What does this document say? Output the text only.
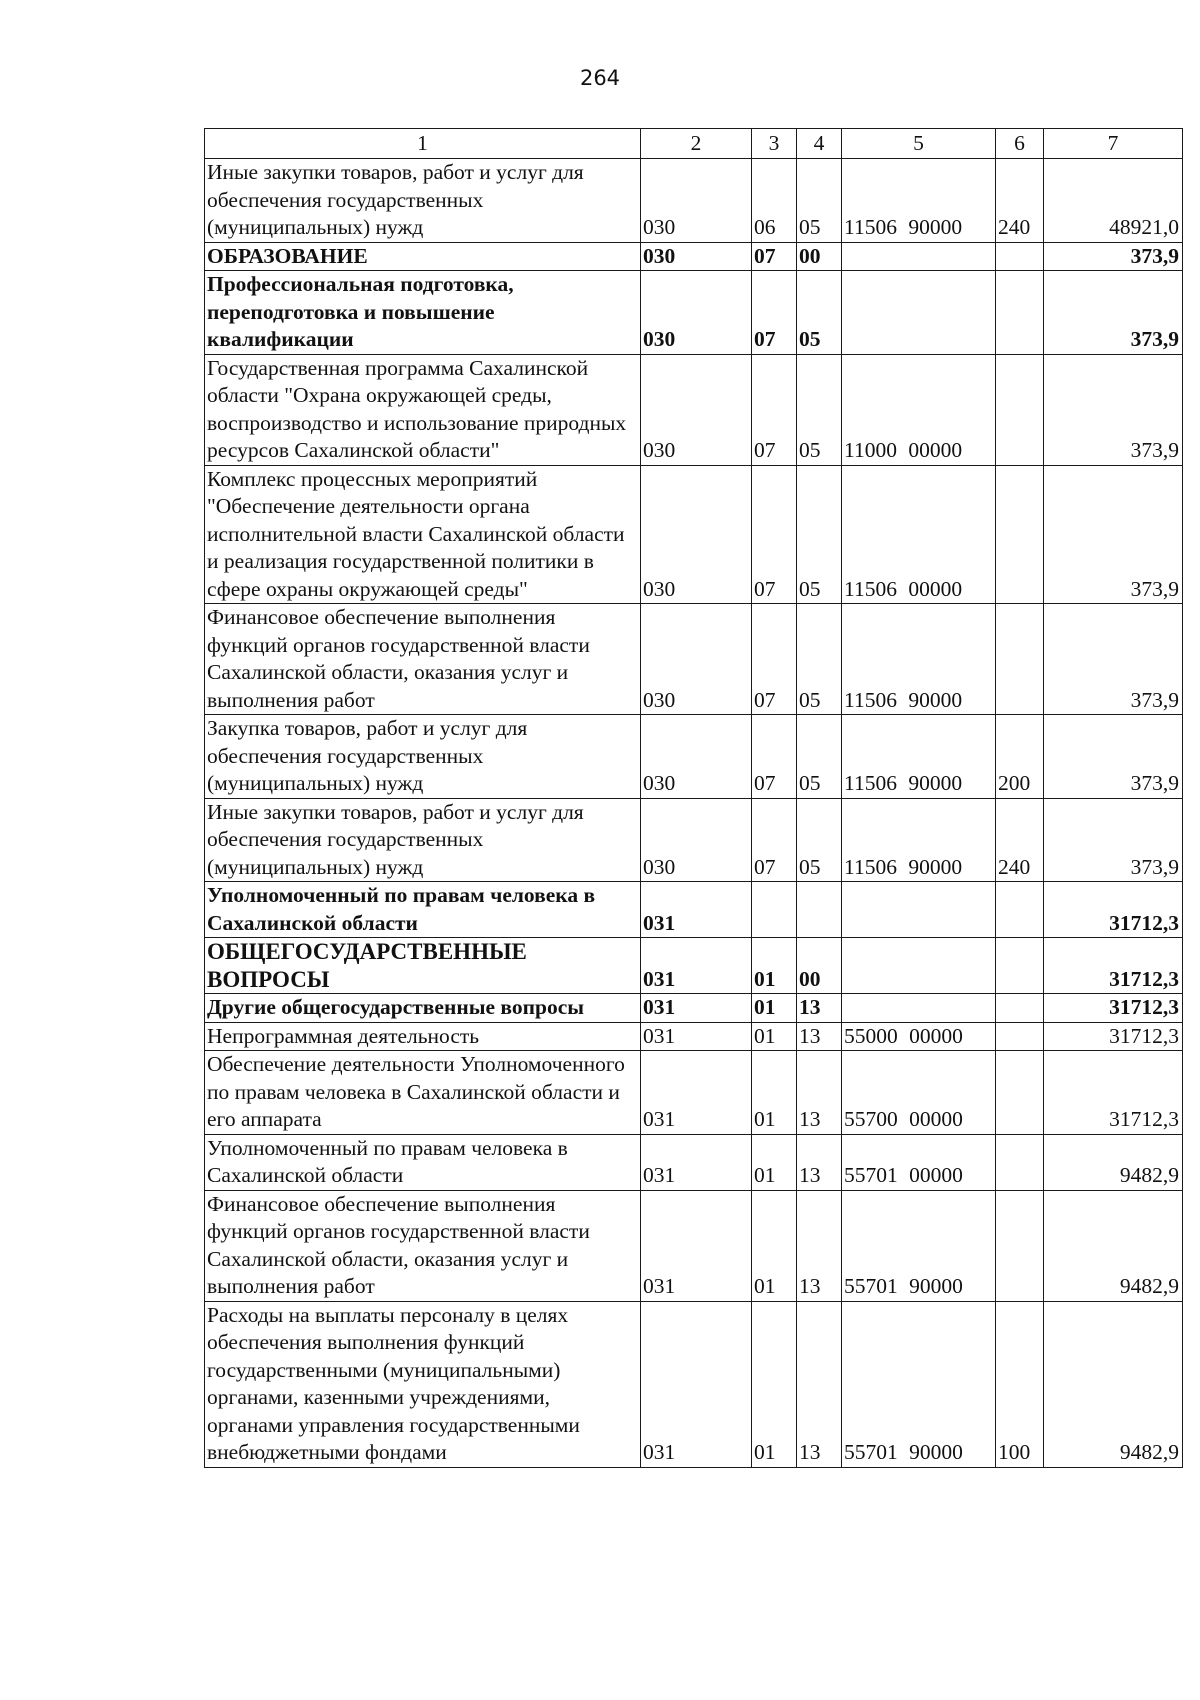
264
1	2	3	4	5	6	7
Иные закупки товаров, работ и услуг для обеспечения государственных (муниципальных) нужд	030	06	05	11506 90000	240	48921,0
ОБРАЗОВАНИЕ	030	07	00			373,9
Профессиональная подготовка, переподготовка и повышение квалификации	030	07	05			373,9
Государственная программа Сахалинской области "Охрана окружающей среды, воспроизводство и использование природных ресурсов Сахалинской области"	030	07	05	11000 00000		373,9
Комплекс процессных мероприятий "Обеспечение деятельности органа исполнительной власти Сахалинской области и реализация государственной политики в сфере охраны окружающей среды"	030	07	05	11506 00000		373,9
Финансовое обеспечение выполнения функций органов государственной власти Сахалинской области, оказания услуг и выполнения работ	030	07	05	11506 90000		373,9
Закупка товаров, работ и услуг для обеспечения государственных (муниципальных) нужд	030	07	05	11506 90000	200	373,9
Иные закупки товаров, работ и услуг для обеспечения государственных (муниципальных) нужд	030	07	05	11506 90000	240	373,9
Уполномоченный по правам человека в Сахалинской области	031					31712,3
ОБЩЕГОСУДАРСТВЕННЫЕ ВОПРОСЫ	031	01	00			31712,3
Другие общегосударственные вопросы	031	01	13			31712,3
Непрограммная деятельность	031	01	13	55000 00000		31712,3
Обеспечение деятельности Уполномоченного по правам человека в Сахалинской области и его аппарата	031	01	13	55700 00000		31712,3
Уполномоченный по правам человека в Сахалинской области	031	01	13	55701 00000		9482,9
Финансовое обеспечение выполнения функций органов государственной власти Сахалинской области, оказания услуг и выполнения работ	031	01	13	55701 90000		9482,9
Расходы на выплаты персоналу в целях обеспечения выполнения функций государственными (муниципальными) органами, казенными учреждениями, органами управления государственными внебюджетными фондами	031	01	13	55701 90000	100	9482,9
